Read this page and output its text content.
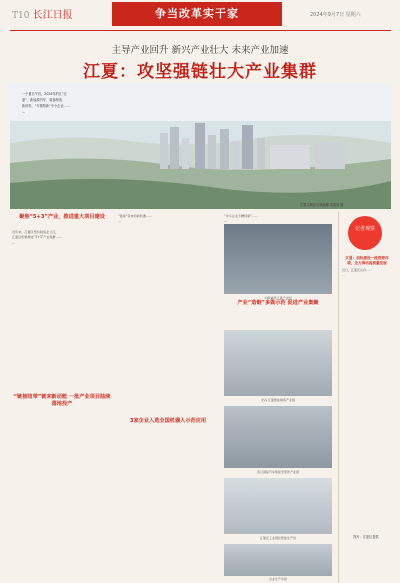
T10 长江日报	争当改革实干家	2024年9月7日 星期六
主导产业回升 新兴产业壮大 未来产业加速
江夏：攻坚强链壮大产业集群
一个夏日午后，2024年的江“北
夏”，新能源汽车、装备制造、
新材料、“专精特新”中小企业……
…
江夏主城区与汤逊湖 周泉泉 摄
聚焦“5+3”产业，推进重大项目建设
近年来，江夏区坚持制造业立区，
江夏区积极推进“5+3”产业集群……
…
“链接纽带”链来新动能 一批产业项目陆续落地投产
“链接”带来的新机遇……
…
3家企业入选全国机器人示范应用
“中小企业专精特新”……
…
产业“造链”多做示范 促进产业集聚
中联重科江夏产业园
光谷·江夏智能制造产业园
武汉国际汽车智能零部件产业园
江夏区工业园区智能生产线
企业生产车间
记者观察
江夏：加快建设一流营商环境，全力推动高质量发展
近日，江夏区出台……
…
图片：江夏区提供
